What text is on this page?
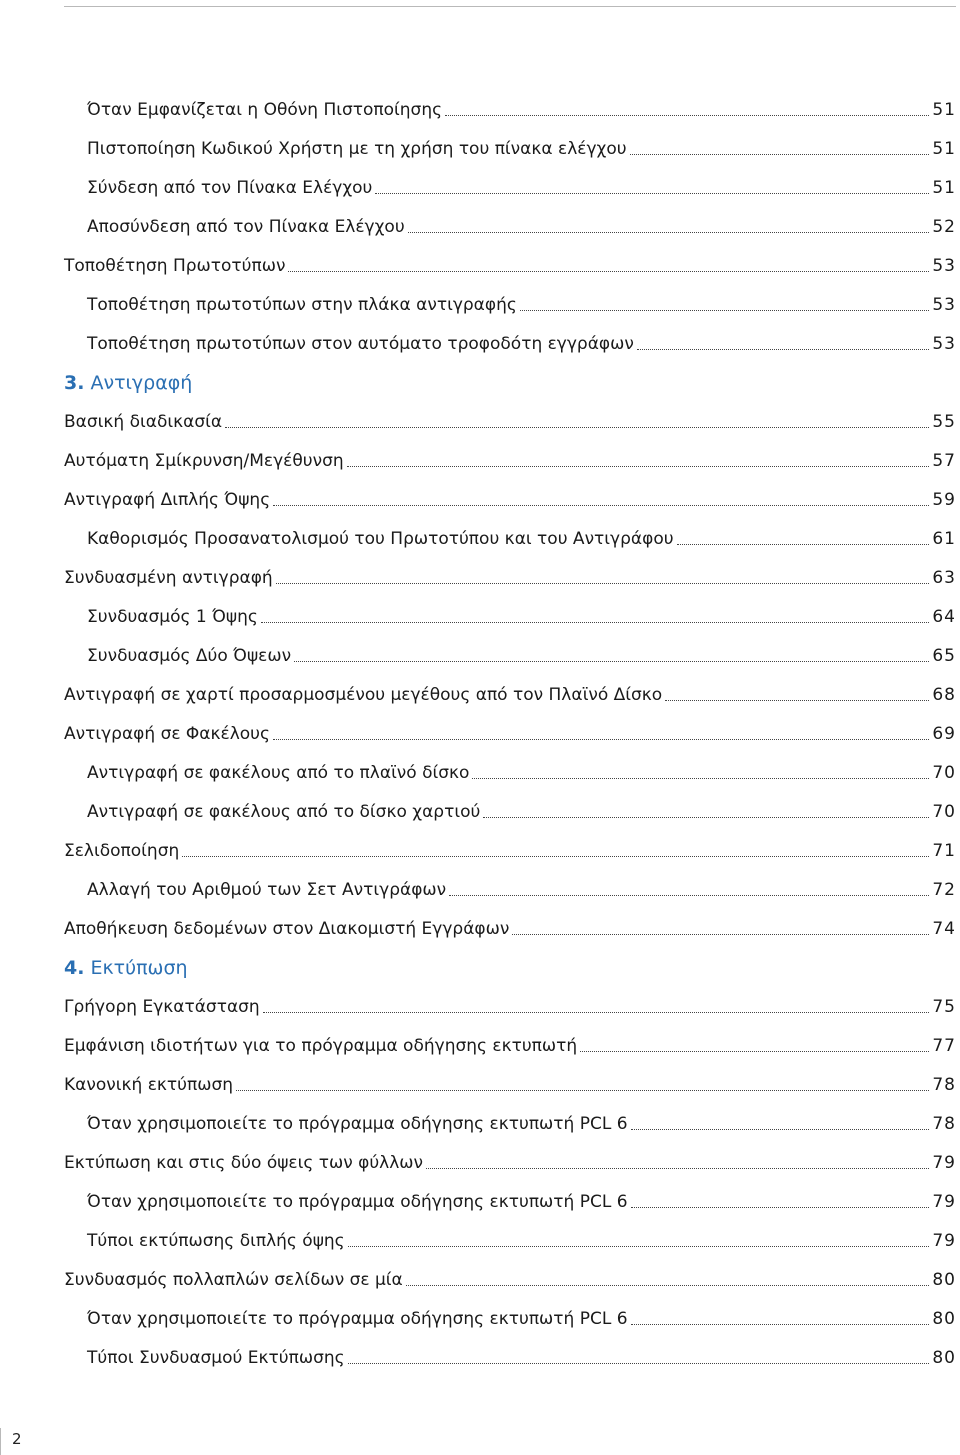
Όταν Εμφανίζεται η Οθόνη Πιστοποίησης	51
Πιστοποίηση Κωδικού Χρήστη με τη χρήση του πίνακα ελέγχου	51
Σύνδεση από τον Πίνακα Ελέγχου	51
Αποσύνδεση από τον Πίνακα Ελέγχου	52
Τοποθέτηση Πρωτοτύπων	53
Τοποθέτηση πρωτοτύπων στην πλάκα αντιγραφής	53
Τοποθέτηση πρωτοτύπων στον αυτόματο τροφοδότη εγγράφων	53
3. Αντιγραφή
Βασική διαδικασία	55
Αυτόματη Σμίκρυνση/Μεγέθυνση	57
Αντιγραφή Διπλής Όψης	59
Καθορισμός Προσανατολισμού του Πρωτοτύπου και του Αντιγράφου	61
Συνδυασμένη αντιγραφή	63
Συνδυασμός 1 Όψης	64
Συνδυασμός Δύο Όψεων	65
Αντιγραφή σε χαρτί προσαρμοσμένου μεγέθους από τον Πλαϊνό Δίσκο	68
Αντιγραφή σε Φακέλους	69
Αντιγραφή σε φακέλους από το πλαϊνό δίσκο	70
Αντιγραφή σε φακέλους από το δίσκο χαρτιού	70
Σελιδοποίηση	71
Αλλαγή του Αριθμού των Σετ Αντιγράφων	72
Αποθήκευση δεδομένων στον Διακομιστή Εγγράφων	74
4. Εκτύπωση
Γρήγορη Εγκατάσταση	75
Εμφάνιση ιδιοτήτων για το πρόγραμμα οδήγησης εκτυπωτή	77
Κανονική εκτύπωση	78
Όταν χρησιμοποιείτε το πρόγραμμα οδήγησης εκτυπωτή PCL 6	78
Εκτύπωση και στις δύο όψεις των φύλλων	79
Όταν χρησιμοποιείτε το πρόγραμμα οδήγησης εκτυπωτή PCL 6	79
Τύποι εκτύπωσης διπλής όψης	79
Συνδυασμός πολλαπλών σελίδων σε μία	80
Όταν χρησιμοποιείτε το πρόγραμμα οδήγησης εκτυπωτή PCL 6	80
Τύποι Συνδυασμού Εκτύπωσης	80
2
